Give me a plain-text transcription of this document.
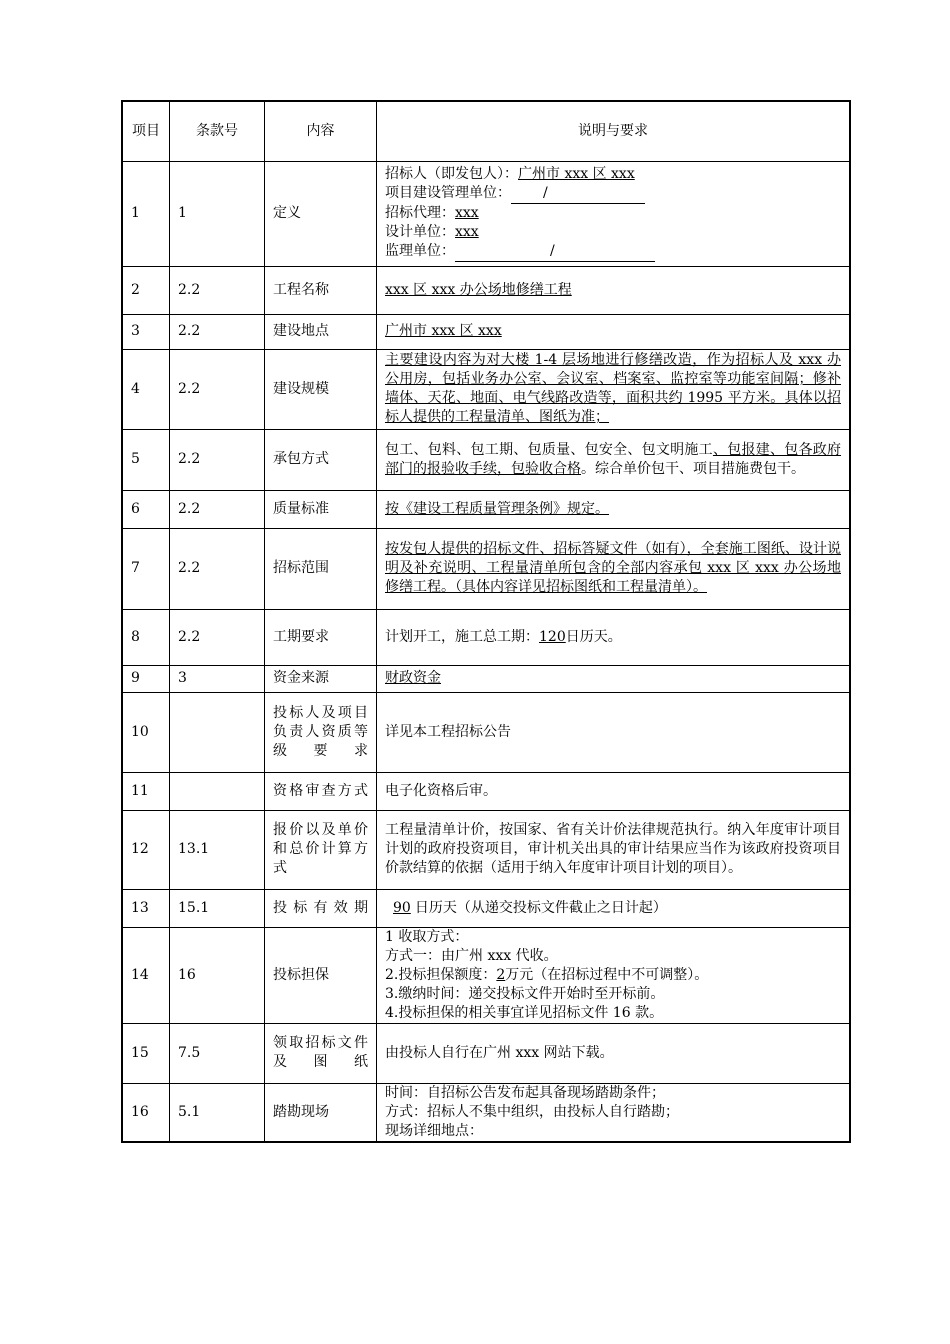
项目	条款号	内容	说明与要求
1	1	定义	招标人（即发包人）：广州市 xxx 区 xxx
项目建设管理单位： /
招标代理：xxx
设计单位：xxx
监理单位： /

2	2.2	工程名称	xxx 区 xxx 办公场地修缮工程
3	2.2	建设地点	广州市 xxx 区 xxx
4	2.2	建设规模	主要建设内容为对大楼 1-4 层场地进行修缮改造，作为招标人及 xxx 办公用房，包括业务办公室、会议室、档案室、监控室等功能室间隔；修补墙体、天花、地面、电气线路改造等，面积共约 1995 平方米。具体以招标人提供的工程量清单、图纸为准；
5	2.2	承包方式	包工、包料、包工期、包质量、包安全、包文明施工、包报建、包各政府部门的报验收手续，包验收合格。综合单价包干、项目措施费包干。
6	2.2	质量标准	按《建设工程质量管理条例》规定。
7	2.2	招标范围	按发包人提供的招标文件、招标答疑文件（如有），全套施工图纸、设计说明及补充说明、工程量清单所包含的全部内容承包 xxx 区 xxx 办公场地修缮工程。（具体内容详见招标图纸和工程量清单）。
8	2.2	工期要求	计划开工，施工总工期：120日历天。
9	3	资金来源	财政资金
10		投标人及项目负责人资质等级要求	详见本工程招标公告
11		资格审查方式	电子化资格后审。
12	13.1	报价以及单价和总价计算方式	工程量清单计价，按国家、省有关计价法律规范执行。纳入年度审计项目计划的政府投资项目，审计机关出具的审计结果应当作为该政府投资项目价款结算的依据（适用于纳入年度审计项目计划的项目）。
13	15.1	投标有效期	90 日历天（从递交投标文件截止之日计起）
14	16	投标担保	1 收取方式：
方式一：由广州 xxx 代收。
2.投标担保额度：2万元（在招标过程中不可调整）。
3.缴纳时间：递交投标文件开始时至开标前。
4.投标担保的相关事宜详见招标文件 16 款。

15	7.5	领取招标文件及图纸	由投标人自行在广州 xxx 网站下载。
16	5.1	踏勘现场	时间：自招标公告发布起具备现场踏勘条件；
方式：招标人不集中组织，由投标人自行踏勘；
现场详细地点：
